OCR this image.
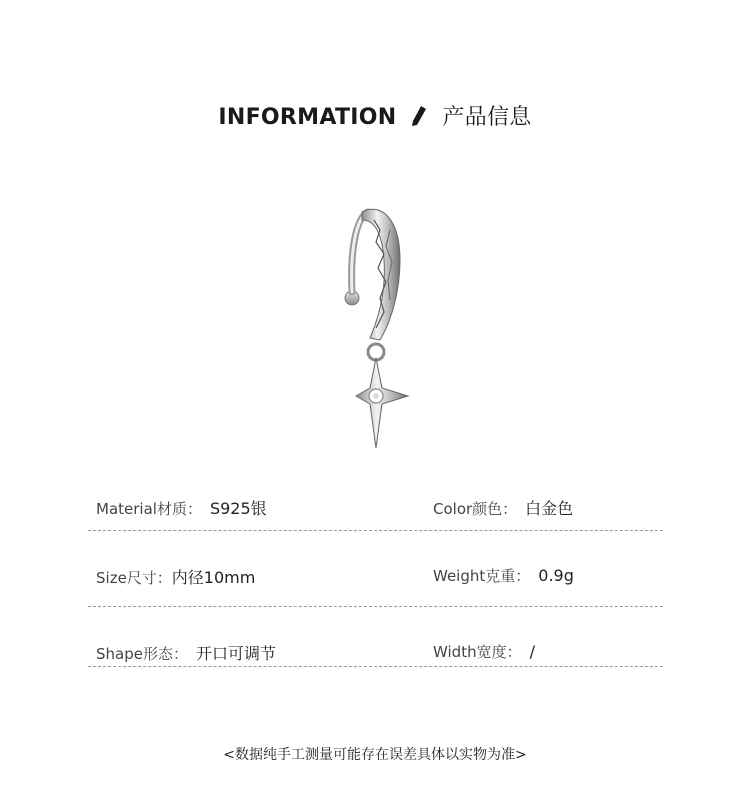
INFORMATION 产品信息
Material材质： S925银	Color颜色： 白金色
Size尺寸：内径10mm	Weight克重： 0.9g
Shape形态： 开口可调节	Width宽度： /
<数据纯手工测量可能存在误差具体以实物为准>
